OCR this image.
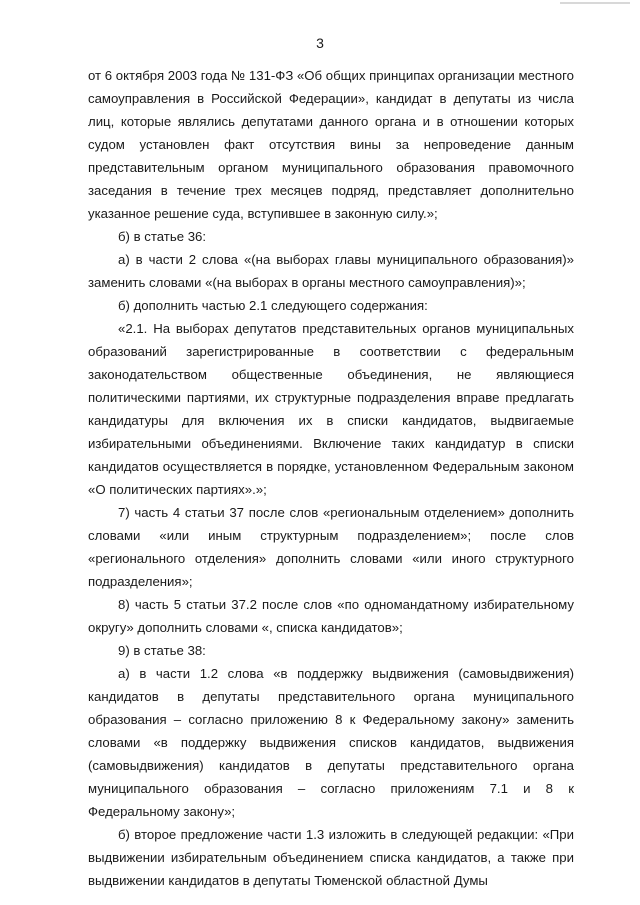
3

от 6 октября 2003 года № 131-ФЗ «Об общих принципах организации местного самоуправления в Российской Федерации», кандидат в депутаты из числа лиц, которые являлись депутатами данного органа и в отношении которых судом установлен факт отсутствия вины за непроведение данным представительным органом муниципального образования правомочного заседания в течение трех месяцев подряд, представляет дополнительно указанное решение суда, вступившее в законную силу.»;

б) в статье 36:

а) в части 2 слова «(на выборах главы муниципального образования)» заменить словами «(на выборах в органы местного самоуправления)»;

б) дополнить частью 2.1 следующего содержания:

«2.1. На выборах депутатов представительных органов муниципальных образований зарегистрированные в соответствии с федеральным законодательством общественные объединения, не являющиеся политическими партиями, их структурные подразделения вправе предлагать кандидатуры для включения их в списки кандидатов, выдвигаемые избирательными объединениями. Включение таких кандидатур в списки кандидатов осуществляется в порядке, установленном Федеральным законом «О политических партиях».»;

7) часть 4 статьи 37 после слов «региональным отделением» дополнить словами «или иным структурным подразделением»; после слов «регионального отделения» дополнить словами «или иного структурного подразделения»;

8) часть 5 статьи 37.2 после слов «по одномандатному избирательному округу» дополнить словами «, списка кандидатов»;

9) в статье 38:

а) в части 1.2 слова «в поддержку выдвижения (самовыдвижения) кандидатов в депутаты представительного органа муниципального образования – согласно приложению 8 к Федеральному закону» заменить словами «в поддержку выдвижения списков кандидатов, выдвижения (самовыдвижения) кандидатов в депутаты представительного органа муниципального образования – согласно приложениям 7.1 и 8 к Федеральному закону»;

б) второе предложение части 1.3 изложить в следующей редакции: «При выдвижении избирательным объединением списка кандидатов, а также при выдвижении кандидатов в депутаты Тюменской областной Думы
